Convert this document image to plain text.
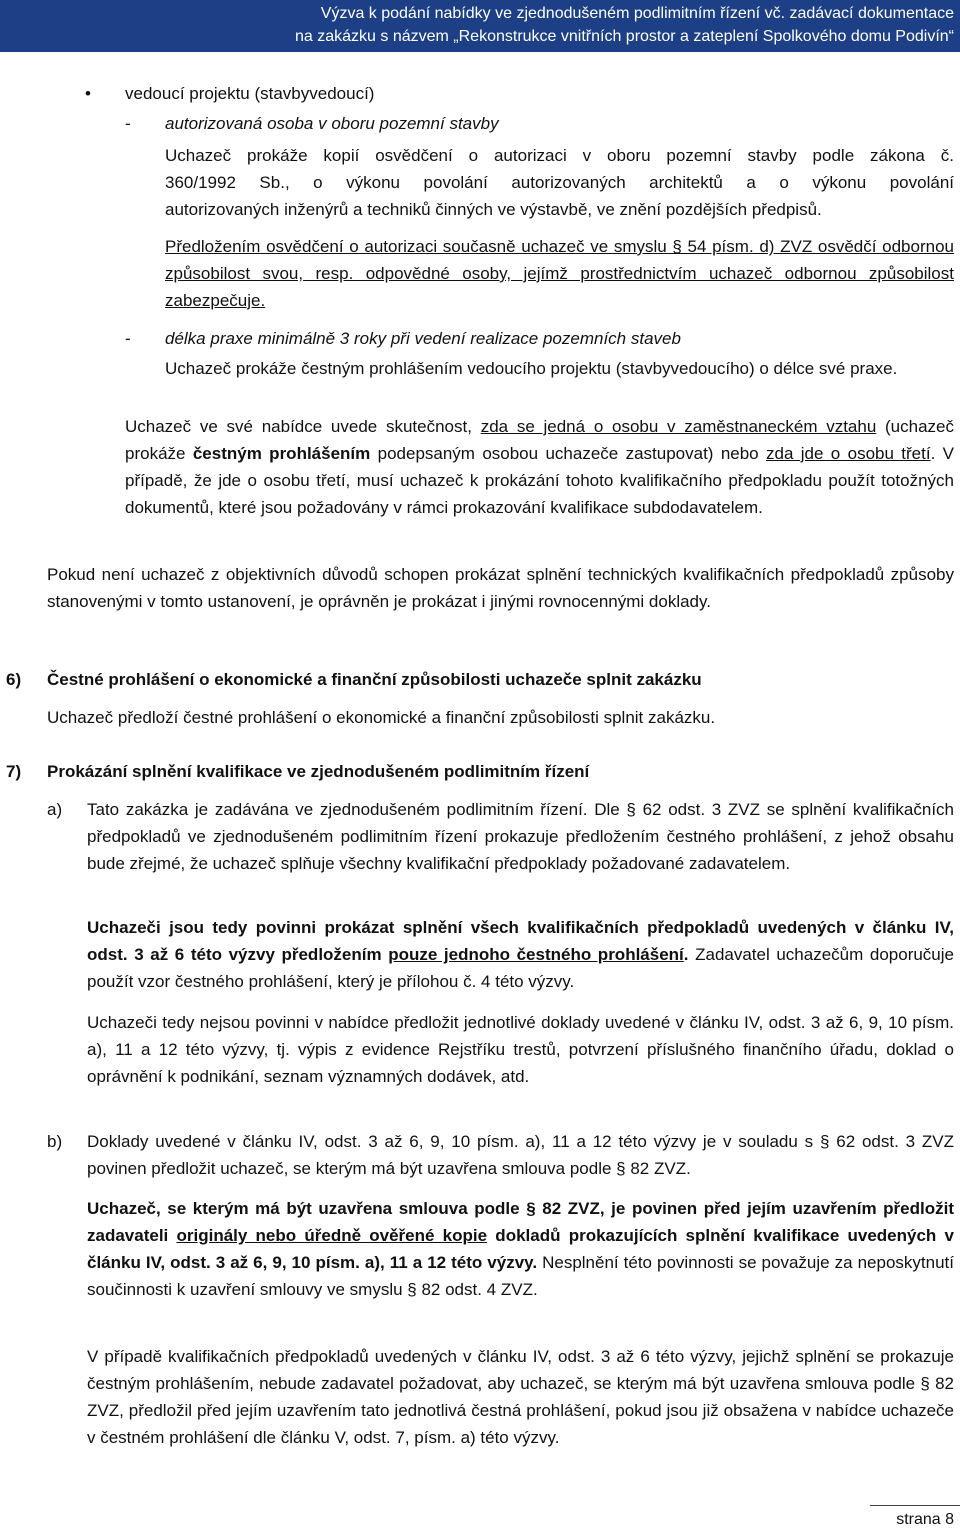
Výzva k podání nabídky ve zjednodušeném podlimitním řízení vč. zadávací dokumentace
na zakázku s názvem „Rekonstrukce vnitřních prostor a zateplení Spolkového domu Podivín“
• vedoucí projektu (stavbyvedoucí)
- autorizovaná osoba v oboru pozemní stavby
Uchazeč prokáže kopií osvědčení o autorizaci v oboru pozemní stavby podle zákona č.
360/1992 Sb., o výkonu povolání autorizovaných architektů a o výkonu povolání
autorizovaných inženýrů a techniků činných ve výstavbě, ve znění pozdějších předpisů.
Předložením osvědčení o autorizaci současně uchazeč ve smyslu § 54 písm. d) ZVZ osvědčí odbornou způsobilost svou, resp. odpovědné osoby, jejímž prostřednictvím uchazeč odbornou způsobilost zabezpečuje.
- délka praxe minimálně 3 roky při vedení realizace pozemních staveb
Uchazeč prokáže čestným prohlášením vedoucího projektu (stavbyvedoucího) o délce své praxe.
Uchazeč ve své nabídce uvede skutečnost, zda se jedná o osobu v zaměstnaneckém vztahu (uchazeč prokáže čestným prohlášením podepsaným osobou uchazeče zastupovat) nebo zda jde o osobu třetí. V případě, že jde o osobu třetí, musí uchazeč k prokázání tohoto kvalifikačního předpokladu použít totožných dokumentů, které jsou požadovány v rámci prokazování kvalifikace subdodavatelem.
Pokud není uchazeč z objektivních důvodů schopen prokázat splnění technických kvalifikačních předpokladů způsoby stanovenými v tomto ustanovení, je oprávněn je prokázat i jinými rovnocennými doklady.
6) Čestné prohlášení o ekonomické a finanční způsobilosti uchazeče splnit zakázku
Uchazeč předloží čestné prohlášení o ekonomické a finanční způsobilosti splnit zakázku.
7) Prokázání splnění kvalifikace ve zjednodušeném podlimitním řízení
a) Tato zakázka je zadávána ve zjednodušeném podlimitním řízení. Dle § 62 odst. 3 ZVZ se splnění kvalifikačních předpokladů ve zjednodušeném podlimitním řízení prokazuje předložením čestného prohlášení, z jehož obsahu bude zřejmé, že uchazeč splňuje všechny kvalifikační předpoklady požadované zadavatelem.
Uchazeči jsou tedy povinni prokázat splnění všech kvalifikačních předpokladů uvedených v článku IV, odst. 3 až 6 této výzvy předložením pouze jednoho čestného prohlášení. Zadavatel uchazečům doporučuje použít vzor čestného prohlášení, který je přílohou č. 4 této výzvy.
Uchazeči tedy nejsou povinni v nabídce předložit jednotlivé doklady uvedené v článku IV, odst. 3 až 6, 9, 10 písm. a), 11 a 12 této výzvy, tj. výpis z evidence Rejstříku trestů, potvrzení příslušného finančního úřadu, doklad o oprávnění k podnikání, seznam významných dodávek, atd.
b) Doklady uvedené v článku IV, odst. 3 až 6, 9, 10 písm. a), 11 a 12 této výzvy je v souladu s § 62 odst. 3 ZVZ povinen předložit uchazeč, se kterým má být uzavřena smlouva podle § 82 ZVZ.
Uchazeč, se kterým má být uzavřena smlouva podle § 82 ZVZ, je povinen před jejím uzavřením předložit zadavateli originály nebo úředně ověřené kopie dokladů prokazujících splnění kvalifikace uvedených v článku IV, odst. 3 až 6, 9, 10 písm. a), 11 a 12 této výzvy. Nesplnění této povinnosti se považuje za neposkytnutí součinnosti k uzavření smlouvy ve smyslu § 82 odst. 4 ZVZ.
V případě kvalifikačních předpokladů uvedených v článku IV, odst. 3 až 6 této výzvy, jejichž splnění se prokazuje čestným prohlášením, nebude zadavatel požadovat, aby uchazeč, se kterým má být uzavřena smlouva podle § 82 ZVZ, předložil před jejím uzavřením tato jednotlivá čestná prohlášení, pokud jsou již obsažena v nabídce uchazeče v čestném prohlášení dle článku V, odst. 7, písm. a) této výzvy.
strana 8
